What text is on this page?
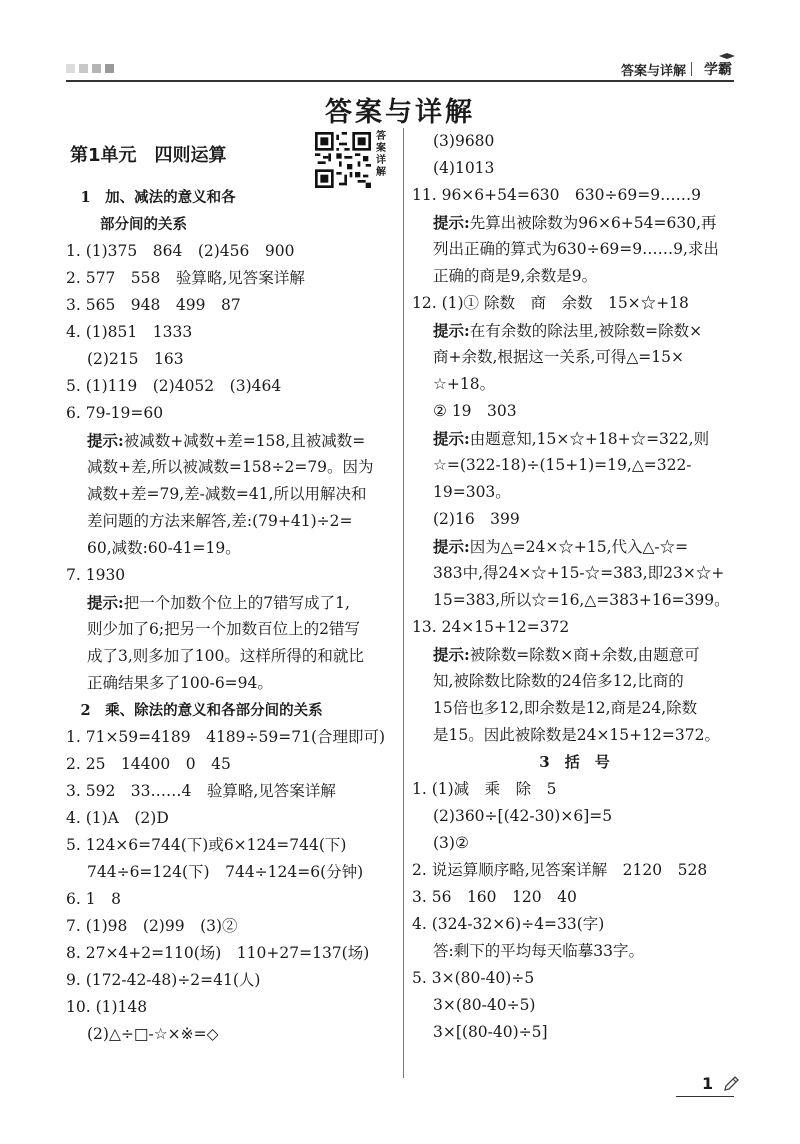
答案与详解 学霸
答案与详解
第1单元　四则运算
答案详解
　1　加、减法的意义和各
　　 部分间的关系
1. (1)375　864　(2)456　900
2. 577　558　验算略,见答案详解
3. 565　948　499　87
4. (1)851　1333
(2)215　163
5. (1)119　(2)4052　(3)464
6. 79-19=60
提示:被减数+减数+差=158,且被减数=
减数+差,所以被减数=158÷2=79。因为
减数+差=79,差-减数=41,所以用解决和
差问题的方法来解答,差:(79+41)÷2=
60,减数:60-41=19。
7. 1930
提示:把一个加数个位上的7错写成了1,
则少加了6;把另一个加数百位上的2错写
成了3,则多加了100。这样所得的和就比
正确结果多了100-6=94。
　2　乘、除法的意义和各部分间的关系
1. 71×59=4189　4189÷59=71(合理即可)
2. 25　14400　0　45
3. 592　33……4　验算略,见答案详解
4. (1)A　(2)D
5. 124×6=744(下)或6×124=744(下)
744÷6=124(下)　744÷124=6(分钟)
6. 1　8
7. (1)98　(2)99　(3)②
8. 27×4+2=110(场)　110+27=137(场)
9. (172-42-48)÷2=41(人)
10. (1)148
(2)△÷□-☆×※=◇
(3)9680
(4)1013
11. 96×6+54=630　630÷69=9……9
提示:先算出被除数为96×6+54=630,再
列出正确的算式为630÷69=9……9,求出
正确的商是9,余数是9。
12. (1)① 除数　商　余数　15×☆+18
提示:在有余数的除法里,被除数=除数×
商+余数,根据这一关系,可得△=15×
☆+18。
② 19　303
提示:由题意知,15×☆+18+☆=322,则
☆=(322-18)÷(15+1)=19,△=322-
19=303。
(2)16　399
提示:因为△=24×☆+15,代入△-☆=
383中,得24×☆+15-☆=383,即23×☆+
15=383,所以☆=16,△=383+16=399。
13. 24×15+12=372
提示:被除数=除数×商+余数,由题意可
知,被除数比除数的24倍多12,比商的
15倍也多12,即余数是12,商是24,除数
是15。因此被除数是24×15+12=372。
3　括　号
1. (1)减　乘　除　5
(2)360÷[(42-30)×6]=5
(3)②
2. 说运算顺序略,见答案详解　2120　528
3. 56　160　120　40
4. (324-32×6)÷4=33(字)
答:剩下的平均每天临摹33字。
5. 3×(80-40)÷5
3×(80-40÷5)
3×[(80-40)÷5]
1
